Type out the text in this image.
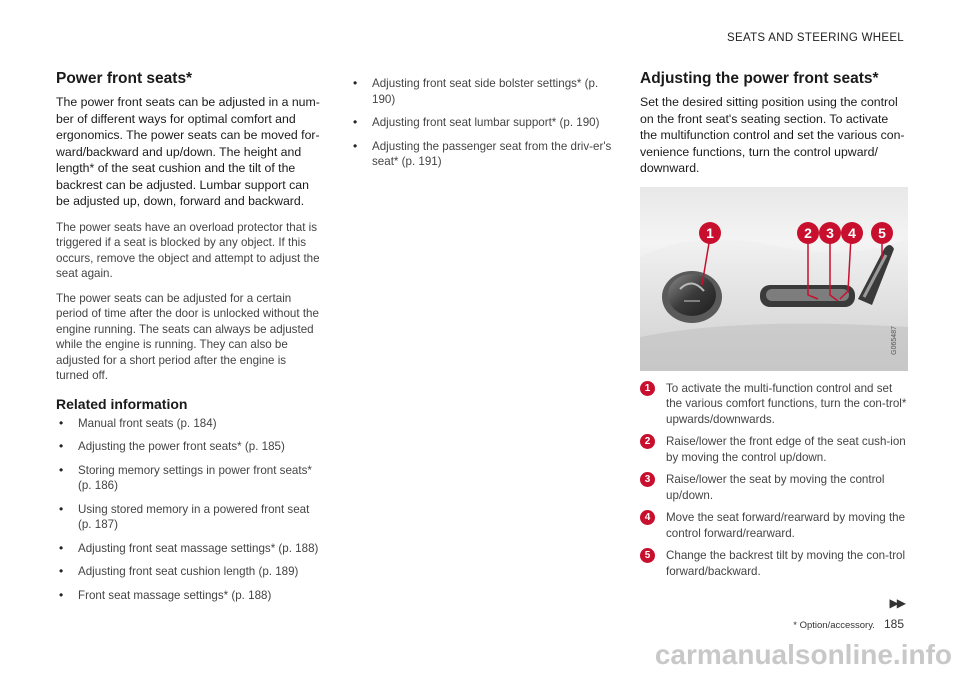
SEATS AND STEERING WHEEL
Power front seats*

The power front seats can be adjusted in a num-ber of different ways for optimal comfort and ergonomics. The power seats can be moved for-ward/backward and up/down. The height and length* of the seat cushion and the tilt of the backrest can be adjusted. Lumbar support can be adjusted up, down, forward and backward.

The power seats have an overload protector that is triggered if a seat is blocked by any object. If this occurs, remove the object and attempt to adjust the seat again.

The power seats can be adjusted for a certain period of time after the door is unlocked without the engine running. The seats can always be adjusted while the engine is running. They can also be adjusted for a short period after the engine is turned off.

Related information
• Manual front seats (p. 184)
• Adjusting the power front seats* (p. 185)
• Storing memory settings in power front seats* (p. 186)
• Using stored memory in a powered front seat (p. 187)
• Adjusting front seat massage settings* (p. 188)
• Adjusting front seat cushion length (p. 189)
• Front seat massage settings* (p. 188)
• Adjusting front seat side bolster settings* (p. 190)
• Adjusting front seat lumbar support* (p. 190)
• Adjusting the passenger seat from the driv-er's seat* (p. 191)
Adjusting the power front seats*

Set the desired sitting position using the control on the front seat's seating section. To activate the multifunction control and set the various con-venience functions, turn the control upward/ downward.

1	2 3 4 5
G065487
1	To activate the multi-function control and set the various comfort functions, turn the con-trol* upwards/downwards.
2	Raise/lower the front edge of the seat cush-ion by moving the control up/down.
3	Raise/lower the seat by moving the control up/down.
4	Move the seat forward/rearward by moving the control forward/rearward.
5	Change the backrest tilt by moving the con-trol forward/backward.
▶▶
* Option/accessory. 185
carmanualsonline.info
